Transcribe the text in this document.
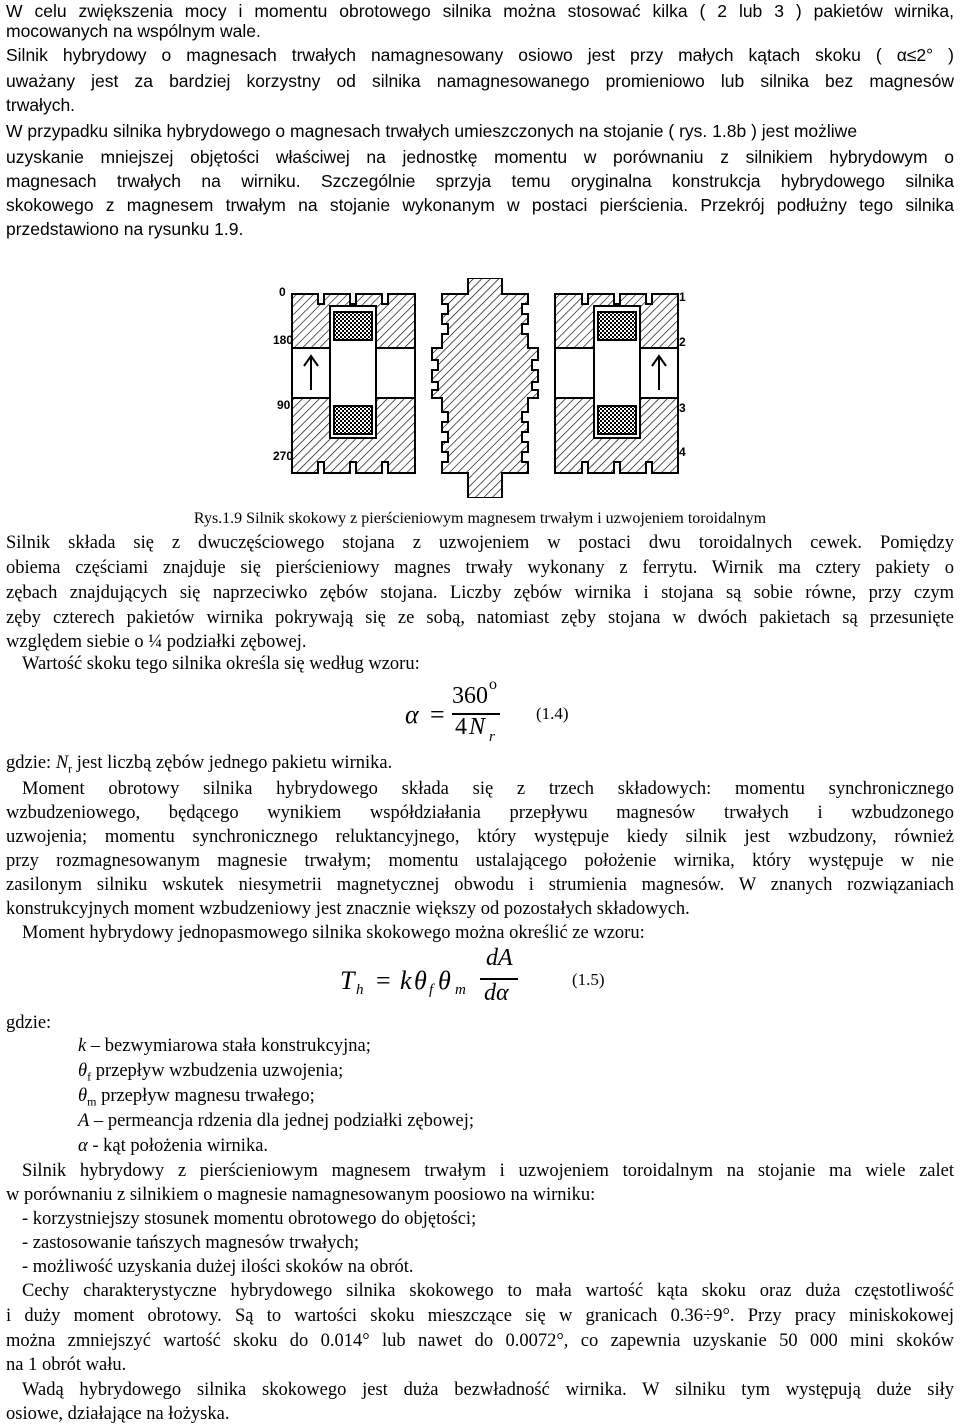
W celu zwiększenia mocy i momentu obrotowego silnika można stosować kilka ( 2 lub 3 ) pakietów wirnika,
mocowanych na wspólnym wale.
Silnik hybrydowy o magnesach trwałych namagnesowany osiowo jest przy małych kątach skoku ( α≤2° )
uważany jest za bardziej korzystny od silnika namagnesowanego promieniowo lub silnika bez magnesów
trwałych.
W przypadku silnika hybrydowego o magnesach trwałych umieszczonych na stojanie ( rys. 1.8b ) jest możliwe
uzyskanie mniejszej objętości właściwej na jednostkę momentu w porównaniu z silnikiem hybrydowym o
magnesach trwałych na wirniku. Szczególnie sprzyja temu oryginalna konstrukcja hybrydowego silnika
skokowego z magnesem trwałym na stojanie wykonanym w postaci pierścienia. Przekrój podłużny tego silnika
przedstawiono na rysunku 1.9.
0
180
90
270
1
2
3
4
Rys.1.9 Silnik skokowy z pierścieniowym magnesem trwałym i uzwojeniem toroidalnym
Silnik składa się z dwuczęściowego stojana z uzwojeniem w postaci dwu toroidalnych cewek. Pomiędzy
obiema częściami znajduje się pierścieniowy magnes trwały wykonany z ferrytu. Wirnik ma cztery pakiety o
zębach znajdujących się naprzeciwko zębów stojana. Liczby zębów wirnika i stojana są sobie równe, przy czym
zęby czterech pakietów wirnika pokrywają się ze sobą, natomiast zęby stojana w dwóch pakietach są przesunięte
względem siebie o ¼ podziałki zębowej.
Wartość skoku tego silnika określa się według wzoru:
α =
360 o
4 N r
(1.4)
gdzie: $N_r$ jest liczbą zębów jednego pakietu wirnika.
Moment obrotowy silnika hybrydowego składa się z trzech składowych: momentu synchronicznego
wzbudzeniowego, będącego wynikiem współdziałania przepływu magnesów trwałych i wzbudzonego
uzwojenia; momentu synchronicznego reluktancyjnego, który występuje kiedy silnik jest wzbudzony, również
przy rozmagnesowanym magnesie trwałym; momentu ustalającego położenie wirnika, który występuje w nie
zasilonym silniku wskutek niesymetrii magnetycznej obwodu i strumienia magnesów. W znanych rozwiązaniach
konstrukcyjnych moment wzbudzeniowy jest znacznie większy od pozostałych składowych.
Moment hybrydowy jednopasmowego silnika skokowego można określić ze wzoru:
T h = k θ f θ m
dA
dα
(1.5)
gdzie:
k – bezwymiarowa stała konstrukcyjna;
$\theta_f$ przepływ wzbudzenia uzwojenia;
$\theta_m$ przepływ magnesu trwałego;
A – permeancja rdzenia dla jednej podziałki zębowej;
α - kąt położenia wirnika.
Silnik hybrydowy z pierścieniowym magnesem trwałym i uzwojeniem toroidalnym na stojanie ma wiele zalet
w porównaniu z silnikiem o magnesie namagnesowanym poosiowo na wirniku:
- korzystniejszy stosunek momentu obrotowego do objętości;
- zastosowanie tańszych magnesów trwałych;
- możliwość uzyskania dużej ilości skoków na obrót.
Cechy charakterystyczne hybrydowego silnika skokowego to mała wartość kąta skoku oraz duża częstotliwość
i duży moment obrotowy. Są to wartości skoku mieszczące się w granicach 0.36÷9°. Przy pracy miniskokowej
można zmniejszyć wartość skoku do 0.014° lub nawet do 0.0072°, co zapewnia uzyskanie 50 000 mini skoków
na 1 obrót wału.
Wadą hybrydowego silnika skokowego jest duża bezwładność wirnika. W silniku tym występują duże siły
osiowe, działające na łożyska.
